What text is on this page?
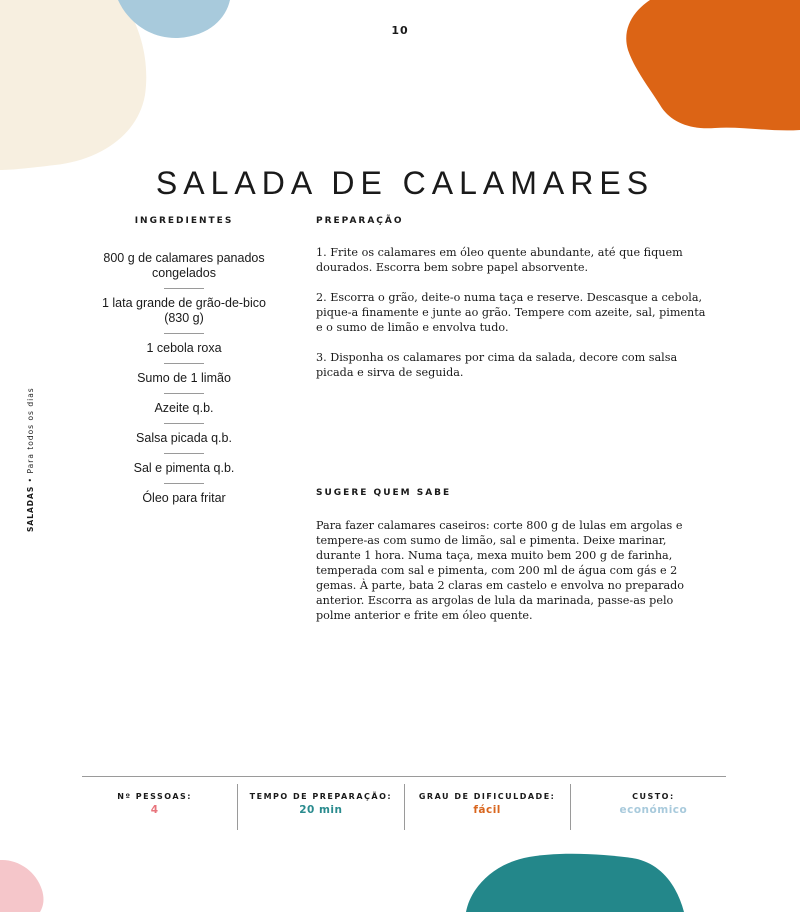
10
SALADA DE CALAMARES
SALADAS • Para todos os dias
INGREDIENTES
800 g de calamares panados congelados
1 lata grande de grão-de-bico (830 g)
1 cebola roxa
Sumo de 1 limão
Azeite q.b.
Salsa picada q.b.
Sal e pimenta q.b.
Óleo para fritar
PREPARAÇÃO

1. Frite os calamares em óleo quente abundante, até que fiquem dourados. Escorra bem sobre papel absorvente.

2. Escorra o grão, deite-o numa taça e reserve. Descasque a cebola, pique-a finamente e junte ao grão. Tempere com azeite, sal, pimenta e o sumo de limão e envolva tudo.

3. Disponha os calamares por cima da salada, decore com salsa picada e sirva de seguida.

SUGERE QUEM SABE

Para fazer calamares caseiros: corte 800 g de lulas em argolas e tempere-as com sumo de limão, sal e pimenta. Deixe marinar, durante 1 hora. Numa taça, mexa muito bem 200 g de farinha, temperada com sal e pimenta, com 200 ml de água com gás e 2 gemas. À parte, bata 2 claras em castelo e envolva no preparado anterior. Escorra as argolas de lula da marinada, passe-as pelo polme anterior e frite em óleo quente.

Nº PESSOAS:
4
TEMPO DE PREPARAÇÃO:
20 min
GRAU DE DIFICULDADE:
fácil
CUSTO:
económico
